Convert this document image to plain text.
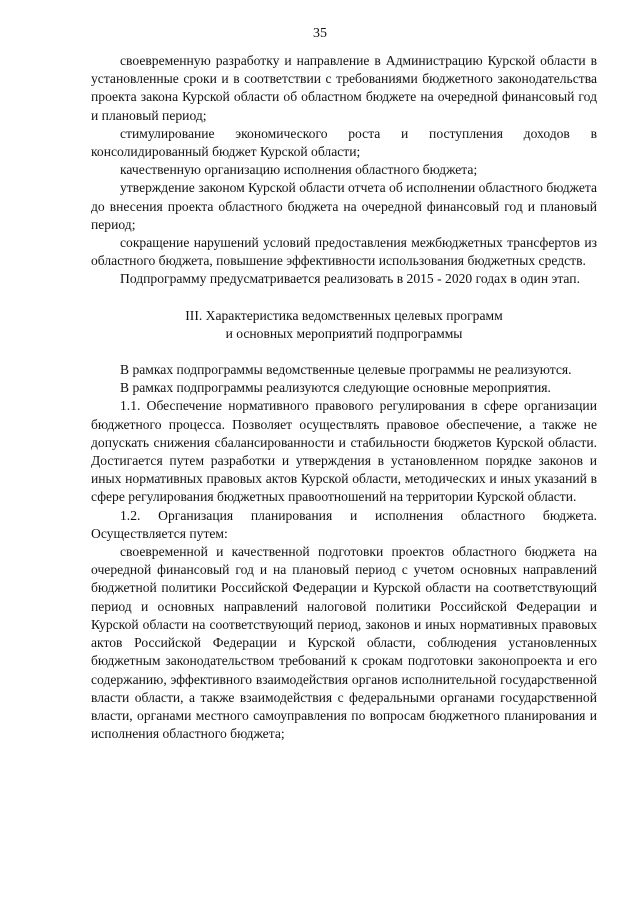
35

своевременную разработку и направление в Администрацию Курской области в установленные сроки и в соответствии с требованиями бюджетного законодательства проекта закона Курской области об областном бюджете на очередной финансовый год и плановый период;

стимулирование экономического роста и поступления доходов в консолидированный бюджет Курской области;

качественную организацию исполнения областного бюджета;

утверждение законом Курской области отчета об исполнении областного бюджета до внесения проекта областного бюджета на очередной финансовый год и плановый период;

сокращение нарушений условий предоставления межбюджетных трансфертов из областного бюджета, повышение эффективности использования бюджетных средств.

Подпрограмму предусматривается реализовать в 2015 - 2020 годах в один этап.

III. Характеристика ведомственных целевых программ

и основных мероприятий подпрограммы

В рамках подпрограммы ведомственные целевые программы не реализуются.

В рамках подпрограммы реализуются следующие основные мероприятия.

1.1. Обеспечение нормативного правового регулирования в сфере организации бюджетного процесса. Позволяет осуществлять правовое обеспечение, а также не допускать снижения сбалансированности и стабильности бюджетов Курской области. Достигается путем разработки и утверждения в установленном порядке законов и иных нормативных правовых актов Курской области, методических и иных указаний в сфере регулирования бюджетных правоотношений на территории Курской области.

1.2. Организация планирования и исполнения областного бюджета. Осуществляется путем:

своевременной и качественной подготовки проектов областного бюджета на очередной финансовый год и на плановый период с учетом основных направлений бюджетной политики Российской Федерации и Курской области на соответствующий период и основных направлений налоговой политики Российской Федерации и Курской области на соответствующий период, законов и иных нормативных правовых актов Российской Федерации и Курской области, соблюдения установленных бюджетным законодательством требований к срокам подготовки законопроекта и его содержанию, эффективного взаимодействия органов исполнительной государственной власти области, а также взаимодействия с федеральными органами государственной власти, органами местного самоуправления по вопросам бюджетного планирования и исполнения областного бюджета;
